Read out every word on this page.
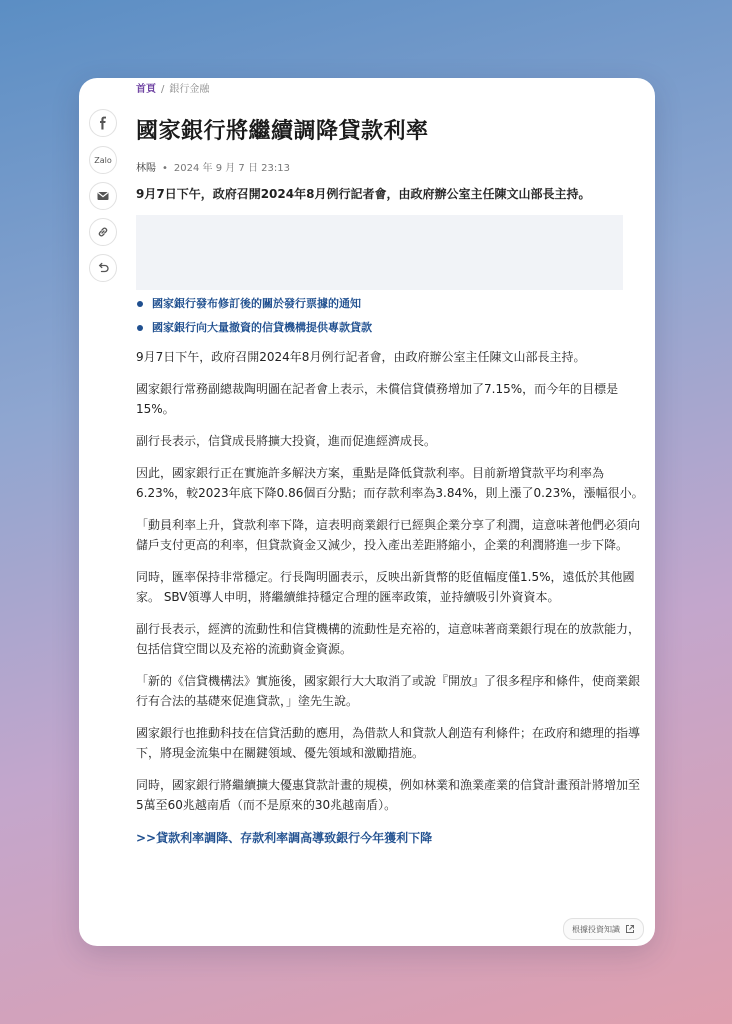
Zalo
首頁 / 銀行金融
國家銀行將繼續調降貸款利率
林陽 • 2024 年 9 月 7 日 23:13
9月7日下午，政府召開2024年8月例行記者會，由政府辦公室主任陳文山部長主持。
國家銀行發布修訂後的關於發行票據的通知
國家銀行向大量撤資的信貸機構提供專款貸款

9月7日下午，政府召開2024年8月例行記者會，由政府辦公室主任陳文山部長主持。

國家銀行常務副總裁陶明圖在記者會上表示，未償信貸債務增加了7.15%，而今年的目標是15%。

副行長表示，信貸成長將擴大投資，進而促進經濟成長。

因此，國家銀行正在實施許多解決方案，重點是降低貸款利率。目前新增貸款平均利率為6.23%，較2023年底下降0.86個百分點；而存款利率為3.84%，則上漲了0.23%，漲幅很小。

「動員利率上升，貸款利率下降，這表明商業銀行已經與企業分享了利潤，這意味著他們必須向儲戶支付更高的利率，但貸款資金又減少，投入產出差距將縮小，企業的利潤將進一步下降。

同時，匯率保持非常穩定。行長陶明圖表示，反映出新貨幣的貶值幅度僅1.5%，遠低於其他國家。 SBV領導人申明，將繼續維持穩定合理的匯率政策，並持續吸引外資資本。

副行長表示，經濟的流動性和信貸機構的流動性是充裕的，這意味著商業銀行現在的放款能力，包括信貸空間以及充裕的流動資金資源。

「新的《信貸機構法》實施後，國家銀行大大取消了或說『開放』了很多程序和條件，使商業銀行有合法的基礎來促進貸款，」塗先生說。

國家銀行也推動科技在信貸活動的應用，為借款人和貸款人創造有利條件；在政府和總理的指導下，將現金流集中在關鍵領域、優先領域和激勵措施。

同時，國家銀行將繼續擴大優惠貸款計畫的規模，例如林業和漁業產業的信貸計畫預計將增加至5萬至60兆越南盾（而不是原來的30兆越南盾）。

>>貸款利率調降、存款利率調高導致銀行今年獲利下降
根據投資知識
